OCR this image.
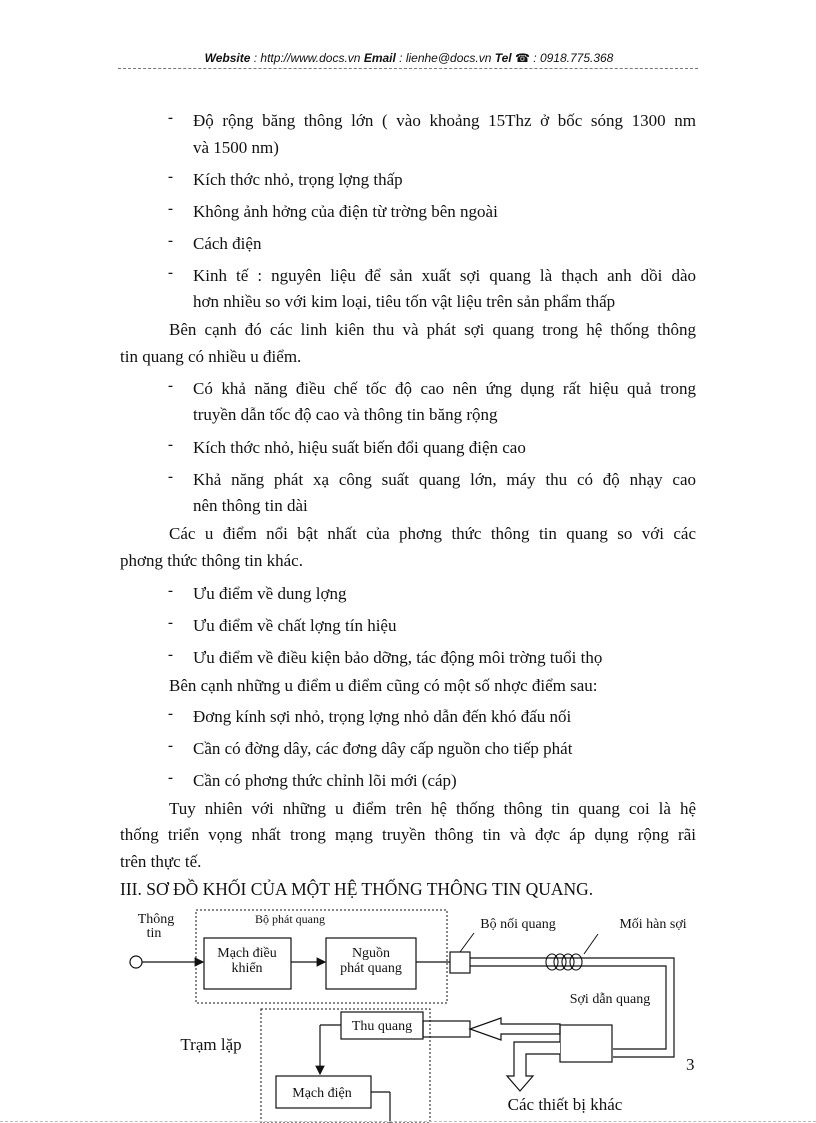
Website : http://www.docs.vn Email : lienhe@docs.vn Tel ☎ : 0918.775.368
- Độ rộng băng thông lớn ( vào khoảng 15Thz ở bốc sóng 1300 nm
và 1500 nm)
- Kích thớc nhỏ, trọng lợng thấp
- Không ảnh hởng của điện từ trờng bên ngoài
- Cách điện
- Kinh tế : nguyên liệu để sản xuất sợi quang là thạch anh dồi dào
hơn nhiều so với kim loại, tiêu tốn vật liệu trên sản phẩm thấp
Bên cạnh đó các linh kiên thu và phát sợi quang trong hệ thống thông
tin quang có nhiều u điểm.
- Có khả năng điều chế tốc độ cao nên ứng dụng rất hiệu quả trong
truyền dẫn tốc độ cao và thông tin băng rộng
- Kích thớc nhỏ, hiệu suất biến đổi quang điện cao
- Khả năng phát xạ công suất quang lớn, máy thu có độ nhạy cao
nên thông tin dài
Các u điểm nổi bật nhất của phơng thức thông tin quang so với các
phơng thức thông tin khác.
- Ưu điểm về dung lợng
- Ưu điểm về chất lợng tín hiệu
- Ưu điểm về điều kiện bảo dỡng, tác động môi trờng tuổi thọ
Bên cạnh những u điểm u điểm cũng có một số nhợc điểm sau:
- Đơng kính sợi nhỏ, trọng lợng nhỏ dẫn đến khó đấu nối
- Cần có đờng dây, các đơng dây cấp nguồn cho tiếp phát
- Cần có phơng thức chỉnh lõi mới (cáp)
Tuy nhiên với những u điểm trên hệ thống thông tin quang coi là hệ
thống triển vọng nhất trong mạng truyền thông tin và đợc áp dụng rộng rãi
trên thực tế.
III. SƠ ĐỒ KHỐI CỦA MỘT HỆ THỐNG THÔNG TIN QUANG.
Thông
tin
Bộ phát quang
Mạch điều
khiển
Nguồn
phát quang
Bộ nối quang	Mối hàn sợi
Sợi dẫn quang
Trạm lặp
Thu quang
Các thiết bị khác
Mạch điện
3
